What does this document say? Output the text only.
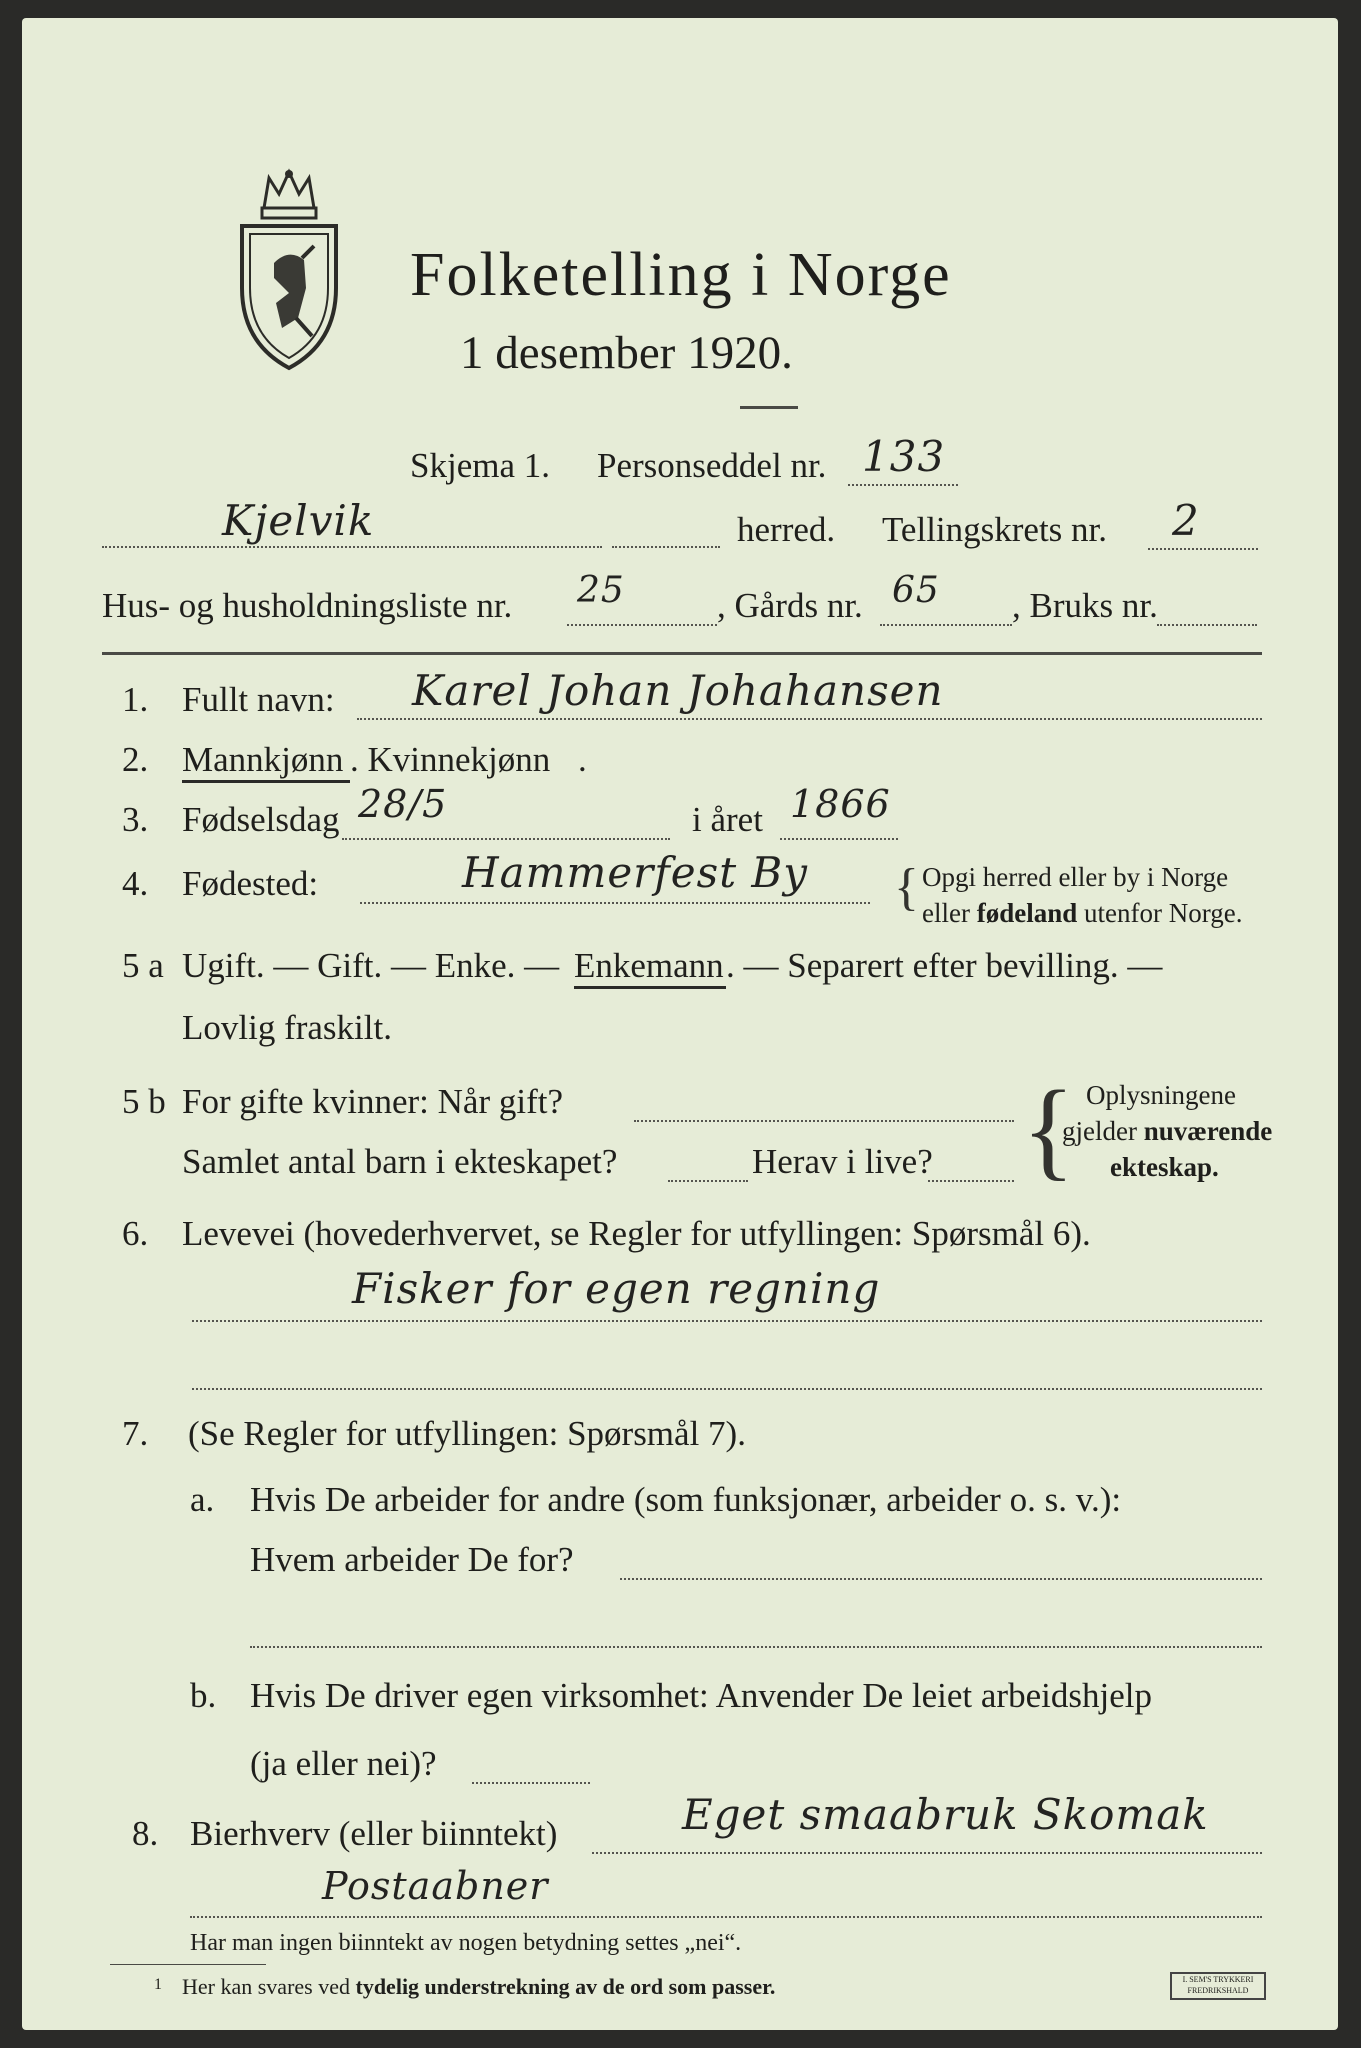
Folketelling i Norge
1 desember 1920.
Skjema 1. Personseddel nr. 133
Kjelvik	herred. Tellingskrets nr. 2
Hus- og husholdningsliste nr. 25	, Gårds nr. 65 , Bruks nr.
1. Fullt navn: Karel Johan Johahansen
2. Mannkjønn . Kvinnekjønn .
3. Fødselsdag 28/5	i året 1866
4. Fødested:	Hammerfest By { Opgi herred eller by i Norge
eller fødeland utenfor Norge.
5 a Ugift. — Gift. — Enke. — Enkemann . — Separert efter bevilling. —
Lovlig fraskilt.
5 b For gifte kvinner: Når gift?
Samlet antal barn i ekteskapet?	Herav i live? { Oplysningene
gjelder nuværende
ekteskap.
6. Levevei (hovederhvervet, se Regler for utfyllingen: Spørsmål 6).
Fisker for egen regning
7. (Se Regler for utfyllingen: Spørsmål 7).
a. Hvis De arbeider for andre (som funksjonær, arbeider o. s. v.):
Hvem arbeider De for?
b. Hvis De driver egen virksomhet: Anvender De leiet arbeidshjelp
(ja eller nei)?
8. Bierhverv (eller biinntekt)	Eget smaabruk Skomak
Postaabner
Har man ingen biinntekt av nogen betydning settes „nei“.
1 Her kan svares ved tydelig understrekning av de ord som passer.	I. SEM'S TRYKKERI
FREDRIKSHALD
